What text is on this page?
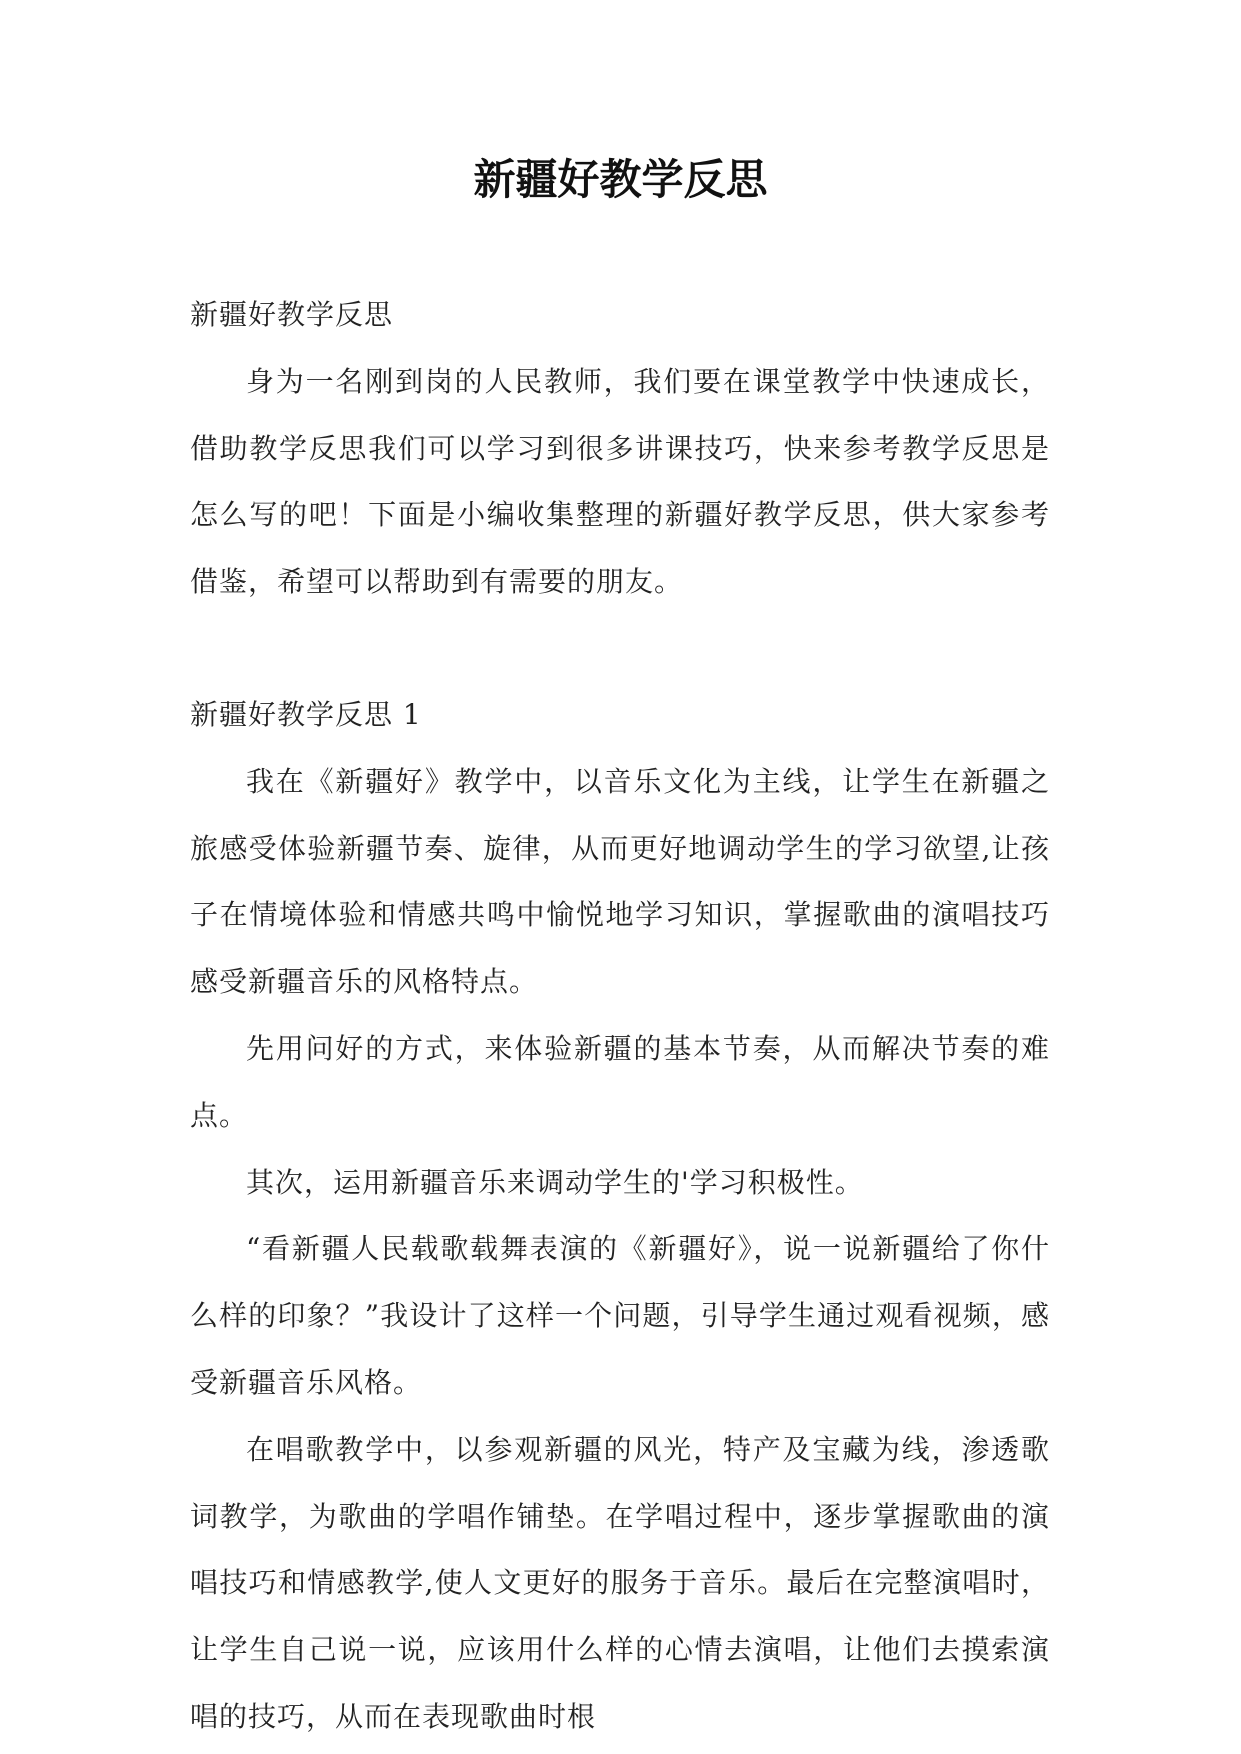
新疆好教学反思

新疆好教学反思

身为一名刚到岗的人民教师，我们要在课堂教学中快速成长，借助教学反思我们可以学习到很多讲课技巧，快来参考教学反思是怎么写的吧！下面是小编收集整理的新疆好教学反思，供大家参考借鉴，希望可以帮助到有需要的朋友。

新疆好教学反思 1

我在《新疆好》教学中，以音乐文化为主线，让学生在新疆之旅感受体验新疆节奏、旋律，从而更好地调动学生的学习欲望,让孩子在情境体验和情感共鸣中愉悦地学习知识，掌握歌曲的演唱技巧感受新疆音乐的风格特点。

先用问好的方式，来体验新疆的基本节奏，从而解决节奏的难点。

其次，运用新疆音乐来调动学生的'学习积极性。

“看新疆人民载歌载舞表演的《新疆好》，说一说新疆给了你什么样的印象？”我设计了这样一个问题，引导学生通过观看视频，感受新疆音乐风格。

在唱歌教学中，以参观新疆的风光，特产及宝藏为线，渗透歌词教学，为歌曲的学唱作铺垫。在学唱过程中，逐步掌握歌曲的演唱技巧和情感教学,使人文更好的服务于音乐。最后在完整演唱时，让学生自己说一说，应该用什么样的心情去演唱，让他们去摸索演唱的技巧，从而在表现歌曲时根
